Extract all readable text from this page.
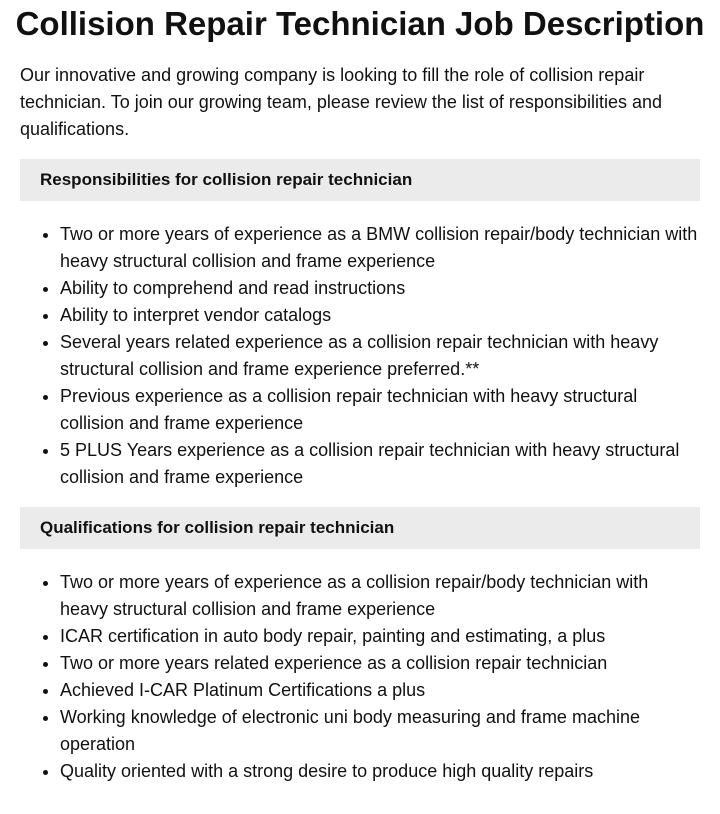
Collision Repair Technician Job Description

Our innovative and growing company is looking to fill the role of collision repair technician. To join our growing team, please review the list of responsibilities and qualifications.

Responsibilities for collision repair technician
• Two or more years of experience as a BMW collision repair/body technician with heavy structural collision and frame experience
• Ability to comprehend and read instructions
• Ability to interpret vendor catalogs
• Several years related experience as a collision repair technician with heavy structural collision and frame experience preferred.**
• Previous experience as a collision repair technician with heavy structural collision and frame experience
• 5 PLUS Years experience as a collision repair technician with heavy structural collision and frame experience
Qualifications for collision repair technician
• Two or more years of experience as a collision repair/body technician with heavy structural collision and frame experience
• ICAR certification in auto body repair, painting and estimating, a plus
• Two or more years related experience as a collision repair technician
• Achieved I-CAR Platinum Certifications a plus
• Working knowledge of electronic uni body measuring and frame machine operation
• Quality oriented with a strong desire to produce high quality repairs
